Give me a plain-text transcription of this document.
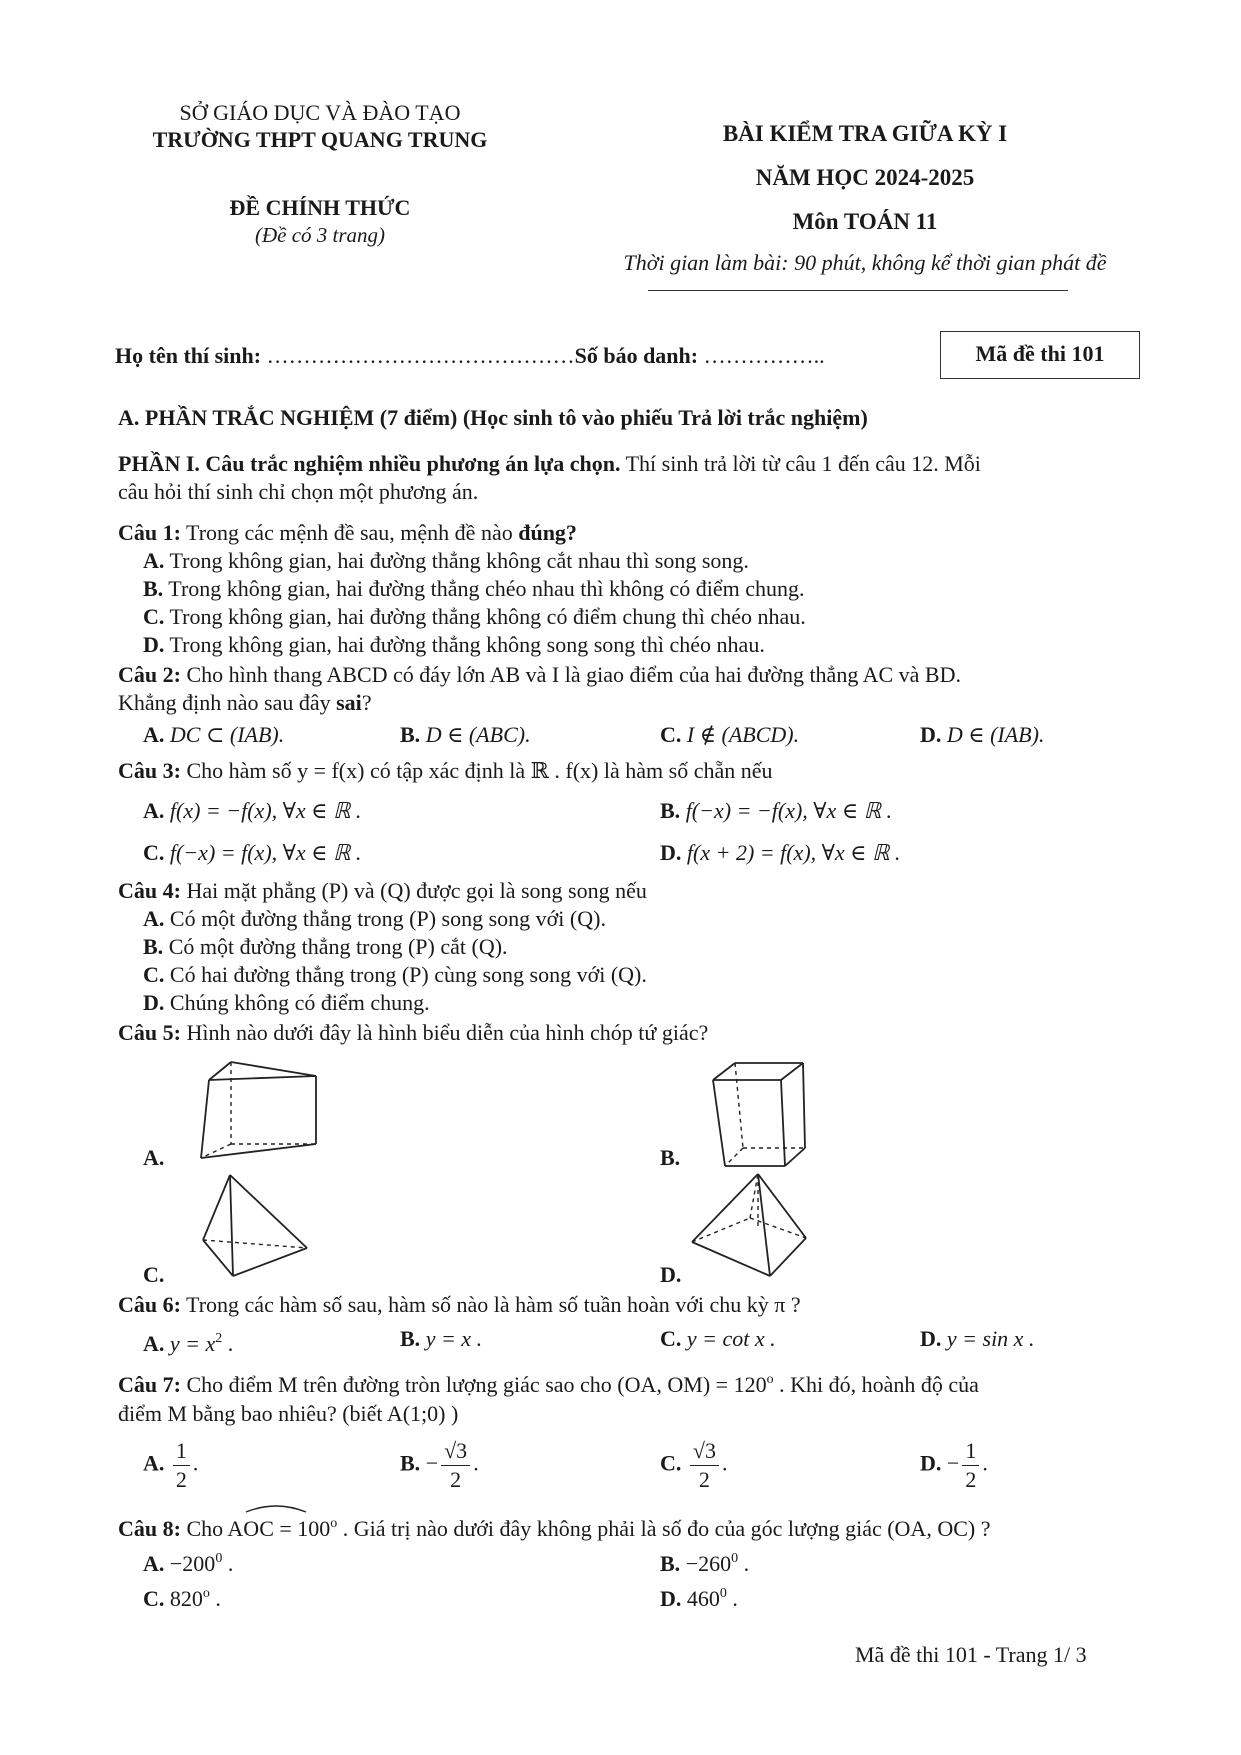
SỞ GIÁO DỤC VÀ ĐÀO TẠO
TRƯỜNG THPT QUANG TRUNG
ĐỀ CHÍNH THỨC
(Đề có 3 trang)
BÀI KIỂM TRA GIỮA KỲ I
NĂM HỌC 2024-2025
Môn TOÁN 11
Thời gian làm bài: 90 phút, không kể thời gian phát đề
Họ tên thí sinh: ……………………………………Số báo danh: ……………..	Mã đề thi 101
A. PHẦN TRẮC NGHIỆM (7 điểm) (Học sinh tô vào phiếu Trả lời trắc nghiệm)
PHẦN I. Câu trắc nghiệm nhiều phương án lựa chọn. Thí sinh trả lời từ câu 1 đến câu 12. Mỗi
câu hỏi thí sinh chỉ chọn một phương án.
Câu 1: Trong các mệnh đề sau, mệnh đề nào đúng?
A. Trong không gian, hai đường thẳng không cắt nhau thì song song.
B. Trong không gian, hai đường thẳng chéo nhau thì không có điểm chung.
C. Trong không gian, hai đường thẳng không có điểm chung thì chéo nhau.
D. Trong không gian, hai đường thẳng không song song thì chéo nhau.
Câu 2: Cho hình thang ABCD có đáy lớn AB và I là giao điểm của hai đường thẳng AC và BD.
Khẳng định nào sau đây sai?
A. DC ⊂ (IAB).	B. D ∈ (ABC).	C. I ∉ (ABCD).	D. D ∈ (IAB).
Câu 3: Cho hàm số y = f(x) có tập xác định là ℝ . f(x) là hàm số chẵn nếu
A. f(x) = −f(x), ∀x ∈ ℝ .	B. f(−x) = −f(x), ∀x ∈ ℝ .
C. f(−x) = f(x), ∀x ∈ ℝ .	D. f(x + 2) = f(x), ∀x ∈ ℝ .
Câu 4: Hai mặt phẳng (P) và (Q) được gọi là song song nếu
A. Có một đường thẳng trong (P) song song với (Q).
B. Có một đường thẳng trong (P) cắt (Q).
C. Có hai đường thẳng trong (P) cùng song song với (Q).
D. Chúng không có điểm chung.
Câu 5: Hình nào dưới đây là hình biểu diễn của hình chóp tứ giác?
A.	B.
C.	D.
Câu 6: Trong các hàm số sau, hàm số nào là hàm số tuần hoàn với chu kỳ π ?
A. $y = x^2$ .	B. y = x .	C. y = cot x .	D. y = sin x .
Câu 7: Cho điểm M trên đường tròn lượng giác sao cho (OA, $OM) = 120^o$ . Khi đó, hoành độ của
điểm M bằng bao nhiêu? (biết A(1;0) )
A. $\frac{1}{2}$ .	B. − $\frac{√3}{2}$ .	C. $\frac{√3}{2}$ .	D. − $\frac{1}{2}$ .
Câu 8: Cho AOC = $100^o$ . Giá trị nào dưới đây không phải là số đo của góc lượng giác (OA, OC) ?
A. $-200^0$ .	B. $-260^0$ .
C. 820$^o$ .	D. $460^0$ .
Mã đề thi 101 - Trang 1/ 3
